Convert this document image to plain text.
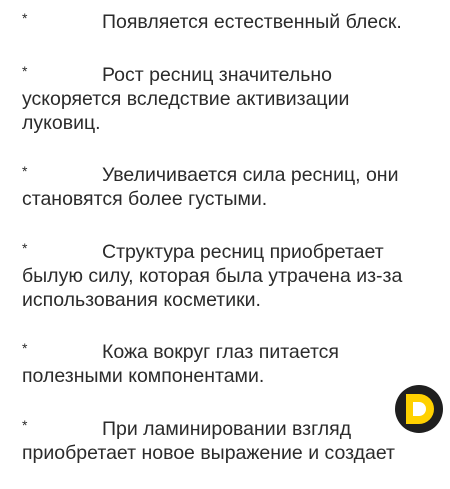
*	Появляется естественный блеск.
*	Рост ресниц значительно
ускоряется вследствие активизации
луковиц.
*	Увеличивается сила ресниц, они
становятся более густыми.
*	Структура ресниц приобретает
былую силу, которая была утрачена из-за
использования косметики.
*	Кожа вокруг глаз питается
полезными компонентами.
*	При ламинировании взгляд
приобретает новое выражение и создает
